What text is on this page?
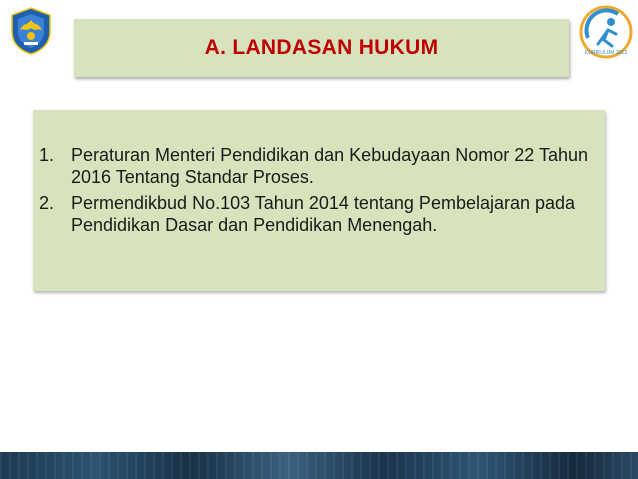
KURIKULUM 2013
A. LANDASAN HUKUM
1. Peraturan Menteri Pendidikan dan Kebudayaan Nomor 22 Tahun 2016 Tentang Standar Proses.
2. Permendikbud No.103 Tahun 2014 tentang Pembelajaran pada Pendidikan Dasar dan Pendidikan Menengah.
